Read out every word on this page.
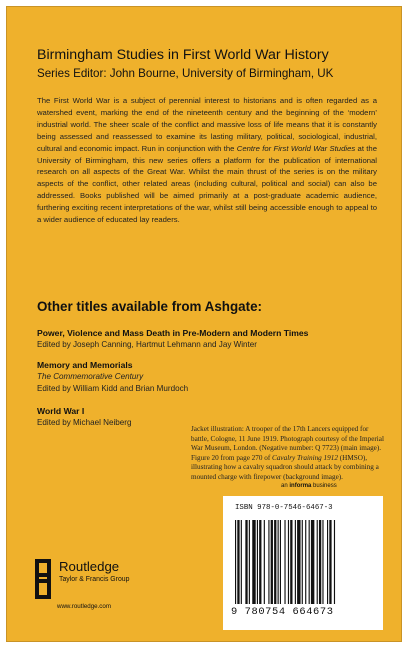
Birmingham Studies in First World War History
Series Editor: John Bourne, University of Birmingham, UK

The First World War is a subject of perennial interest to historians and is often regarded as a watershed event, marking the end of the nineteenth century and the beginning of the ‘modern’ industrial world. The sheer scale of the conflict and massive loss of life means that it is constantly being assessed and reassessed to examine its lasting military, political, sociological, industrial, cultural and economic impact. Run in conjunction with the Centre for First World War Studies at the University of Birmingham, this new series offers a platform for the publication of international research on all aspects of the Great War. Whilst the main thrust of the series is on the military aspects of the conflict, other related areas (including cultural, political and social) can also be addressed. Books published will be aimed primarily at a post-graduate academic audience, furthering exciting recent interpretations of the war, whilst still being accessible enough to appeal to a wider audience of educated lay readers.

Other titles available from Ashgate:
Power, Violence and Mass Death in Pre-Modern and Modern Times
Edited by Joseph Canning, Hartmut Lehmann and Jay Winter
Memory and Memorials
The Commemorative Century
Edited by William Kidd and Brian Murdoch
World War I
Edited by Michael Neiberg
Jacket illustration: A trooper of the 17th Lancers equipped for battle, Cologne, 11 June 1919. Photograph courtesy of the Imperial War Museum, London. (Negative number: Q 7723) (main image). Figure 20 from page 270 of Cavalry Training 1912 (HMSO), illustrating how a cavalry squadron should attack by combining a mounted charge with firepower (background image).
an informa business
ISBN 978-0-7546-6467-3
9 780754 664673
Routledge
Taylor & Francis Group
www.routledge.com
